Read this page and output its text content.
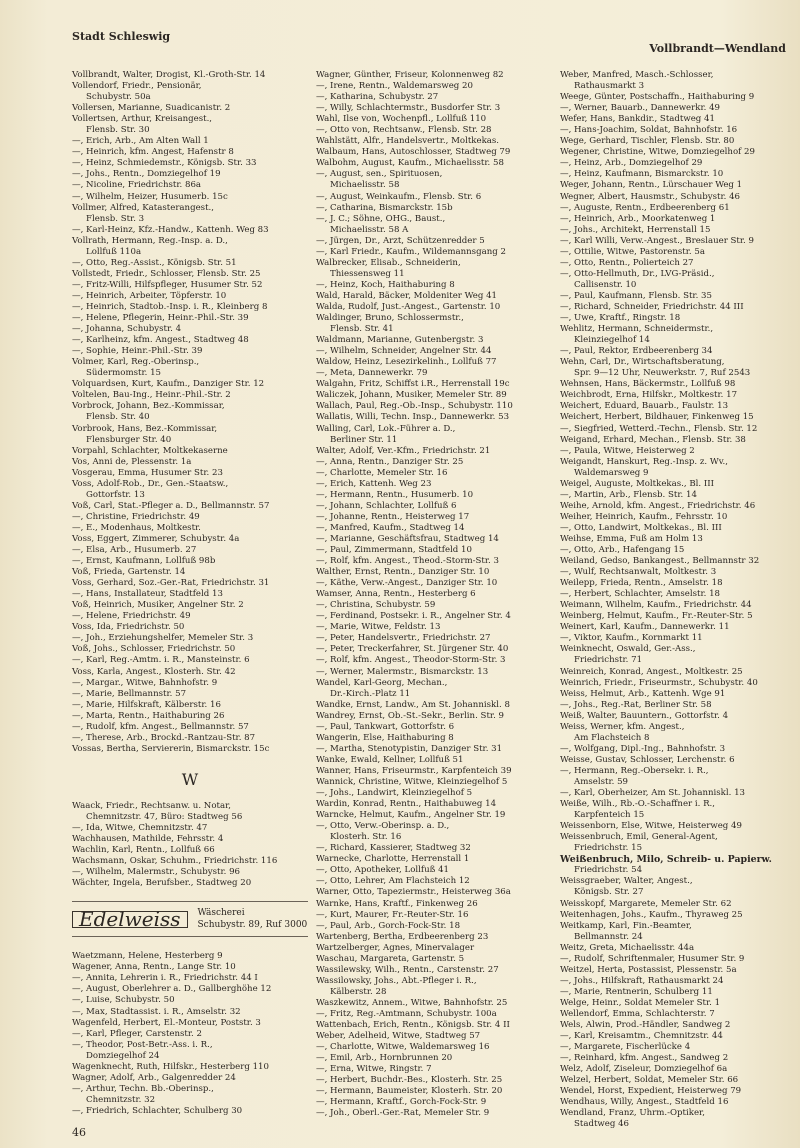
Stadt Schleswig
Vollbrandt—Wendland
Vollbrandt, Walter, Drogist, Kl.-Groth-Str. 14
Vollendorf, Friedr., Pensionär,
Schubystr. 50a
Vollersen, Marianne, Suadicanistr. 2
Vollertsen, Arthur, Kreisangest.,
Flensb. Str. 30
—, Erich, Arb., Am Alten Wall 1
—, Heinrich, kfm. Angest, Hafenstr 8
—, Heinz, Schmiedemstr., Königsb. Str. 33
—, Johs., Rentn., Domziegelhof 19
—, Nicoline, Friedrichstr. 86a
—, Wilhelm, Heizer, Husumerb. 15c
Vollmer, Alfred, Katasterangest.,
Flensb. Str. 3
—, Karl-Heinz, Kfz.-Handw., Kattenh. Weg 83
Vollrath, Hermann, Reg.-Insp. a. D.,
Lollfuß 110a
—, Otto, Reg.-Assist., Königsb. Str. 51
Vollstedt, Friedr., Schlosser, Flensb. Str. 25
—, Fritz-Willi, Hilfspfleger, Husumer Str. 52
—, Heinrich, Arbeiter, Töpferstr. 10
—, Heinrich, Stadtob.-Insp. i. R., Kleinberg 8
—, Helene, Pflegerin, Heinr.-Phil.-Str. 39
—, Johanna, Schubystr. 4
—, Karlheinz, kfm. Angest., Stadtweg 48
—, Sophie, Heinr.-Phil.-Str. 39
Volmer, Karl, Reg.-Oberinsp.,
Südermomstr. 15
Volquardsen, Kurt, Kaufm., Danziger Str. 12
Voltelen, Bau-Ing., Heinr.-Phil.-Str. 2
Vorbrock, Johann, Bez.-Kommissar,
Flensb. Str. 40
Vorbrook, Hans, Bez.-Kommissar,
Flensburger Str. 40
Vorpahl, Schlachter, Moltkekaserne
Vos, Anni de, Plessenstr. 1a
Vosgerau, Emma, Husumer Str. 23
Voss, Adolf-Rob., Dr., Gen.-Staatsw.,
Gottorfstr. 13
Voß, Carl, Stat.-Pfleger a. D., Bellmannstr. 57
—, Christine, Friedrichstr. 49
—, E., Modenhaus, Moltkestr.
Voss, Eggert, Zimmerer, Schubystr. 4a
—, Elsa, Arb., Husumerb. 27
—, Ernst, Kaufmann, Lollfuß 98b
Voß, Frieda, Gartenstr. 14
Voss, Gerhard, Soz.-Ger.-Rat, Friedrichstr. 31
—, Hans, Installateur, Stadtfeld 13
Voß, Heinrich, Musiker, Angelner Str. 2
—, Helene, Friedrichstr. 49
Voss, Ida, Friedrichstr. 50
—, Joh., Erziehungshelfer, Memeler Str. 3
Voß, Johs., Schlosser, Friedrichstr. 50
—, Karl, Reg.-Amtm. i. R., Mansteinstr. 6
Voss, Karla, Angest., Klosterh. Str. 42
—, Margar., Witwe, Bahnhofstr. 9
—, Marie, Bellmannstr. 57
—, Marie, Hilfskraft, Kälberstr. 16
—, Marta, Rentn., Haithaburing 26
—, Rudolf, kfm. Angest., Bellmannstr. 57
—, Therese, Arb., Brockd.-Rantzau-Str. 87
Vossas, Bertha, Serviererin, Bismarckstr. 15c
W
Waack, Friedr., Rechtsanw. u. Notar,
Chemnitzstr. 47, Büro: Stadtweg 56
—, Ida, Witwe, Chemnitzstr. 47
Wachhausen, Mathilde, Fehrsstr. 4
Wachlin, Karl, Rentn., Lollfuß 66
Wachsmann, Oskar, Schuhm., Friedrichstr. 116
—, Wilhelm, Malermstr., Schubystr. 96
Wächter, Ingela, Berufsber., Stadtweg 20
Edelweiss	Wäscherei
Schubystr. 89, Ruf 3000
Waetzmann, Helene, Hesterberg 9
Wagener, Anna, Rentn., Lange Str. 10
—, Annita, Lehrerin i. R., Friedrichstr. 44 I
—, August, Oberlehrer a. D., Gallberghöhe 12
—, Luise, Schubystr. 50
—, Max, Stadtassist. i. R., Amselstr. 32
Wagenfeld, Herbert, El.-Monteur, Poststr. 3
—, Karl, Pfleger, Carstenstr. 2
—, Theodor, Post-Betr.-Ass. i. R.,
Domziegelhof 24
Wagenknecht, Ruth, Hilfskr., Hesterberg 110
Wagner, Adolf, Arb., Galgenredder 24
—, Arthur, Techn. Bb.-Oberinsp.,
Chemnitzstr. 32
—, Friedrich, Schlachter, Schulberg 30
Wagner, Günther, Friseur, Kolonnenweg 82
—, Irene, Rentn., Waldemarsweg 20
—, Katharina, Schubystr. 27
—, Willy, Schlachtermstr., Busdorfer Str. 3
Wahl, Ilse von, Wochenpfl., Lollfuß 110
—, Otto von, Rechtsanw., Flensb. Str. 28
Wahlstätt, Alfr., Handelsvertr., Moltkekas.
Walbaum, Hans, Autoschlosser, Stadtweg 79
Walbohm, August, Kaufm., Michaelisstr. 58
—, August, sen., Spirituosen,
Michaelisstr. 58
—, August, Weinkaufm., Flensb. Str. 6
—, Catharina, Bismarckstr. 15b
—, J. C.; Söhne, OHG., Baust.,
Michaelisstr. 58 A
—, Jürgen, Dr., Arzt, Schützenredder 5
—, Karl Friedr., Kaufm., Wildemannsgang 2
Walbrecker, Elisab., Schneiderin,
Thiessensweg 11
—, Heinz, Koch, Haithaburing 8
Wald, Harald, Bäcker, Moldeniter Weg 41
Walda, Rudolf, Just.-Angest., Gartenstr. 10
Waldinger, Bruno, Schlossermstr.,
Flensb. Str. 41
Waldmann, Marianne, Gutenbergstr. 3
—, Wilhelm, Schneider, Angelner Str. 44
Waldow, Heinz, Lesezirkelinh., Lollfuß 77
—, Meta, Dannewerkr. 79
Walgahn, Fritz, Schiffst i.R., Herrenstall 19c
Waliczek, Johann, Musiker, Memeler Str. 89
Wallach, Paul, Reg.-Ob.-Insp., Schubystr. 110
Wallatis, Willi, Techn. Insp., Dannewerkr. 53
Walling, Carl, Lok.-Führer a. D.,
Berliner Str. 11
Walter, Adolf, Ver.-Kfm., Friedrichstr. 21
—, Anna, Rentn., Danziger Str. 25
—, Charlotte, Memeler Str. 16
—, Erich, Kattenh. Weg 23
—, Hermann, Rentn., Husumerb. 10
—, Johann, Schlachter, Lollfuß 6
—, Johanne, Rentn., Heisterweg 17
—, Manfred, Kaufm., Stadtweg 14
—, Marianne, Geschäftsfrau, Stadtweg 14
—, Paul, Zimmermann, Stadtfeld 10
—, Rolf, kfm. Angest., Theod.-Storm-Str. 3
Walther, Ernst, Rentn., Danziger Str. 10
—, Käthe, Verw.-Angest., Danziger Str. 10
Wamser, Anna, Rentn., Hesterberg 6
—, Christina, Schubystr. 59
—, Ferdinand, Postsekr. i. R., Angelner Str. 4
—, Marie, Witwe, Feldstr. 13
—, Peter, Handelsvertr., Friedrichstr. 27
—, Peter, Treckerfahrer, St. Jürgener Str. 40
—, Rolf, kfm. Angest., Theodor-Storm-Str. 3
—, Werner, Malermstr., Bismarckstr. 13
Wandel, Karl-Georg, Mechan.,
Dr.-Kirch.-Platz 11
Wandke, Ernst, Landw., Am St. Johanniskl. 8
Wandrey, Ernst, Ob.-St.-Sekr., Berlin. Str. 9
—, Paul, Tankwart, Gottorfstr. 6
Wangerin, Else, Haithaburing 8
—, Martha, Stenotypistin, Danziger Str. 31
Wanke, Ewald, Kellner, Lollfuß 51
Wanner, Hans, Friseurmstr., Karpfenteich 39
Wannick, Christine, Witwe, Kleinziegelhof 5
—, Johs., Landwirt, Kleinziegelhof 5
Wardin, Konrad, Rentn., Haithabuweg 14
Warncke, Helmut, Kaufm., Angelner Str. 19
—, Otto, Verw.-Oberinsp. a. D.,
Klosterh. Str. 16
—, Richard, Kassierer, Stadtweg 32
Warnecke, Charlotte, Herrenstall 1
—, Otto, Apotheker, Lollfuß 41
—, Otto, Lehrer, Am Flachsteich 12
Warner, Otto, Tapeziermstr., Heisterweg 36a
Warnke, Hans, Kraftf., Finkenweg 26
—, Kurt, Maurer, Fr.-Reuter-Str. 16
—, Paul, Arb., Gorch-Fock-Str. 18
Wartenberg, Bertha, Erdbeerenberg 23
Wartzelberger, Agnes, Minervalager
Waschau, Margareta, Gartenstr. 5
Wassilewsky, Wilh., Rentn., Carstenstr. 27
Wassilowsky, Johs., Abt.-Pfleger i. R.,
Kälberstr. 28
Waszkewitz, Annem., Witwe, Bahnhofstr. 25
—, Fritz, Reg.-Amtmann, Schubystr. 100a
Wattenbach, Erich, Rentn., Königsb. Str. 4 II
Weber, Adelheid, Witwe, Stadtweg 57
—, Charlotte, Witwe, Waldemarsweg 16
—, Emil, Arb., Hornbrunnen 20
—, Erna, Witwe, Ringstr. 7
—, Herbert, Buchdr.-Bes., Klosterh. Str. 25
—, Hermann, Baumeister, Klosterh. Str. 20
—, Hermann, Kraftf., Gorch-Fock-Str. 9
—, Joh., Oberl.-Ger.-Rat, Memeler Str. 9
Weber, Manfred, Masch.-Schlosser,
Rathausmarkt 3
Weege, Günter, Postschaffn., Haithaburing 9
—, Werner, Bauarb., Dannewerkr. 49
Wefer, Hans, Bankdir., Stadtweg 41
—, Hans-Joachim, Soldat, Bahnhofstr. 16
Wege, Gerhard, Tischler, Flensb. Str. 80
Wegener, Christine, Witwe, Domziegelhof 29
—, Heinz, Arb., Domziegelhof 29
—, Heinz, Kaufmann, Bismarckstr. 10
Weger, Johann, Rentn., Lürschauer Weg 1
Wegner, Albert, Hausmstr., Schubystr. 46
—, Auguste, Rentn., Erdbeerenberg 61
—, Heinrich, Arb., Moorkatenweg 1
—, Johs., Architekt, Herrenstall 15
—, Karl Willi, Verw.-Angest., Breslauer Str. 9
—, Ottilie, Witwe, Pastorenstr. 5a
—, Otto, Rentn., Polierteich 27
—, Otto-Hellmuth, Dr., LVG-Präsid.,
Callisenstr. 10
—, Paul, Kaufmann, Flensb. Str. 35
—, Richard, Schneider, Friedrichstr. 44 III
—, Uwe, Kraftf., Ringstr. 18
Wehlitz, Hermann, Schneidermstr.,
Kleinziegelhof 14
—, Paul, Rektor, Erdbeerenberg 34
Wehn, Carl, Dr., Wirtschaftsberatung,
Spr. 9—12 Uhr, Neuwerkstr. 7, Ruf 2543
Wehnsen, Hans, Bäckermstr., Lollfuß 98
Weichbrodt, Erna, Hilfskr., Moltkestr. 17
Weichert, Eduard, Bauarb., Faulstr. 13
Weichert, Herbert, Bildhauer, Finkenweg 15
—, Siegfried, Wetterd.-Techn., Flensb. Str. 12
Weigand, Erhard, Mechan., Flensb. Str. 38
—, Paula, Witwe, Heisterweg 2
Weigandt, Hanskurt, Reg.-Insp. z. Wv.,
Waldemarsweg 9
Weigel, Auguste, Moltkekas., Bl. III
—, Martin, Arb., Flensb. Str. 14
Weihe, Arnold, kfm. Angest., Friedrichstr. 46
Weiher, Heinrich, Kaufm., Fehrsstr. 10
—, Otto, Landwirt, Moltkekas., Bl. III
Weihse, Emma, Fuß am Holm 13
—, Otto, Arb., Hafengang 15
Weiland, Gedso, Bankangest., Bellmannstr 32
—, Wulf, Rechtsanwalt, Moltkestr. 3
Weilepp, Frieda, Rentn., Amselstr. 18
—, Herbert, Schlachter, Amselstr. 18
Weimann, Wilhelm, Kaufm., Friedrichstr. 44
Weinberg, Helmut, Kaufm., Fr.-Reuter-Str. 5
Weinert, Karl, Kaufm., Dannewerkr. 11
—, Viktor, Kaufm., Kornmarkt 11
Weinknecht, Oswald, Ger.-Ass.,
Friedrichstr. 71
Weinreich, Konrad, Angest., Moltkestr. 25
Weinrich, Friedr., Friseurmstr., Schubystr. 40
Weiss, Helmut, Arb., Kattenh. Wge 91
—, Johs., Reg.-Rat, Berliner Str. 58
Weiß, Walter, Bauuntern., Gottorfstr. 4
Weiss, Werner, kfm. Angest.,
Am Flachsteich 8
—, Wolfgang, Dipl.-Ing., Bahnhofstr. 3
Weisse, Gustav, Schlosser, Lerchenstr. 6
—, Hermann, Reg.-Obersekr. i. R.,
Amselstr. 59
—, Karl, Oberheizer, Am St. Johanniskl. 13
Weiße, Wilh., Rb.-O.-Schaffner i. R.,
Karpfenteich 15
Weissenborn, Else, Witwe, Heisterweg 49
Weissenbruch, Emil, General-Agent,
Friedrichstr. 15
Weißenbruch, Milo, Schreib- u. Papierw.
Friedrichstr. 54
Weissgraeber, Walter, Angest.,
Königsb. Str. 27
Weisskopf, Margarete, Memeler Str. 62
Weitenhagen, Johs., Kaufm., Thyraweg 25
Weitkamp, Karl, Fin.-Beamter,
Bellmannstr. 24
Weitz, Greta, Michaelisstr. 44a
—, Rudolf, Schriftenmaler, Husumer Str. 9
Weitzel, Herta, Postassist, Plessenstr. 5a
—, Johs., Hilfskraft, Rathausmarkt 24
—, Marie, Rentnerin, Schulberg 11
Welge, Heinr., Soldat Memeler Str. 1
Wellendorf, Emma, Schlachterstr. 7
Wels, Alwin, Prod.-Händler, Sandweg 2
—, Karl, Kreisamtm., Chemnitzstr. 44
—, Margarete, Fischerlücke 4
—, Reinhard, kfm. Angest., Sandweg 2
Welz, Adolf, Ziseleur, Domziegelhof 6a
Welzel, Herbert, Soldat, Memeler Str. 66
Wendel, Horst, Expedient, Heisterweg 79
Wendhaus, Willy, Angest., Stadtfeld 16
Wendland, Franz, Uhrm.-Optiker,
Stadtweg 46
46
